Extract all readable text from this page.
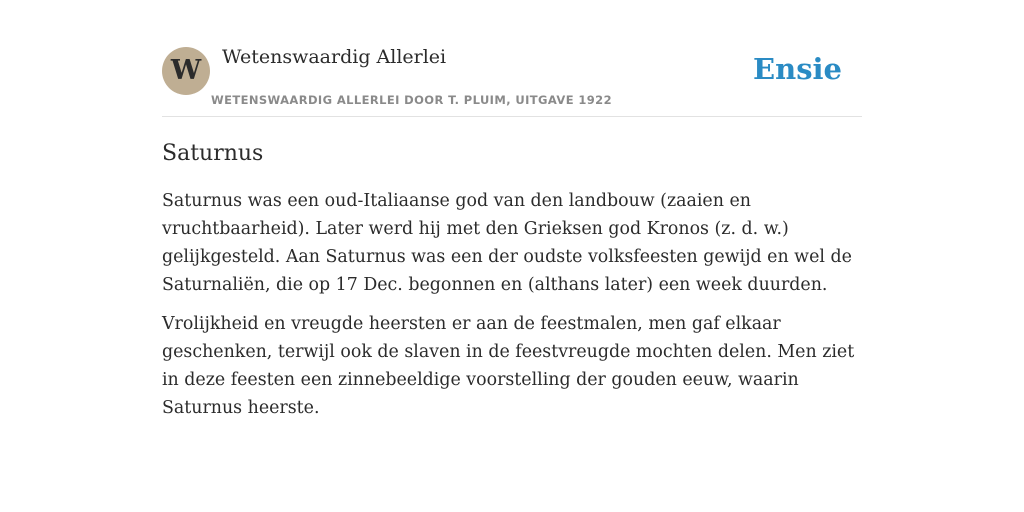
W	Wetenswaardig Allerlei
WETENSWAARDIG ALLERLEI DOOR T. PLUIM, UITGAVE 1922
Ensie
Saturnus

Saturnus was een oud-Italiaanse god van den landbouw (zaaien en vruchtbaarheid). Later werd hij met den Grieksen god Kronos (z. d. w.) gelijkgesteld. Aan Saturnus was een der oudste volksfeesten gewijd en wel de Saturnaliën, die op 17 Dec. begonnen en (althans later) een week duurden.

Vrolijkheid en vreugde heersten er aan de feestmalen, men gaf elkaar geschenken, terwijl ook de slaven in de feestvreugde mochten delen. Men ziet in deze feesten een zinnebeeldige voorstelling der gouden eeuw, waarin Saturnus heerste.
